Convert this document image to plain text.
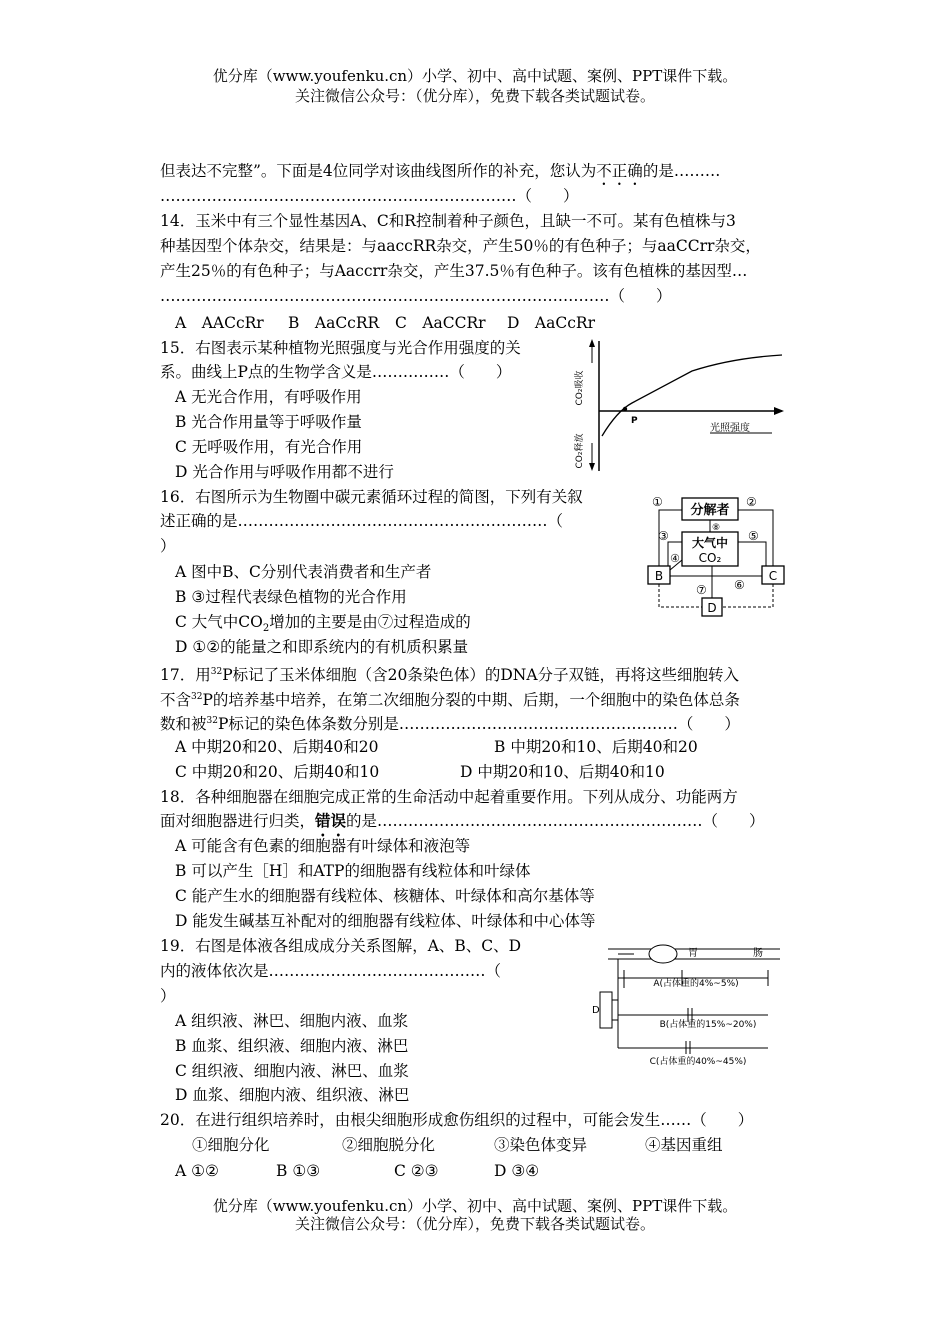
优分库（www.youfenku.cn）小学、初中、高中试题、案例、PPT课件下载。
关注微信公众号：（优分库），免费下载各类试题试卷。
但表达不完整”。下面是4位同学对该曲线图所作的补充，您认为不正确的是………
……………………………………………………………（　　）
14．玉米中有三个显性基因A、C和R控制着种子颜色，且缺一不可。某有色植株与3
种基因型个体杂交，结果是：与aaccRR杂交，产生50％的有色种子；与aaCCrr杂交，
产生25％的有色种子；与Aaccrr杂交，产生37.5％有色种子。该有色植株的基因型…
……………………………………………………………………………（　　）
A　AACcRr B　AaCcRR C　AaCCRr D　AaCcRr
15．右图表示某种植物光照强度与光合作用强度的关
系。曲线上P点的生物学含义是……………（　　）
A 无光合作用，有呼吸作用
B 光合作用量等于呼吸作量
C 无呼吸作用，有光合作用
D 光合作用与呼吸作用都不进行
CO₂吸收
CO₂释放
P
光照强度
16．右图所示为生物圈中碳元素循环过程的简图，下列有关叙
述正确的是……………………………………………………（
）
A 图中B、C分别代表消费者和生产者
B ③过程代表绿色植物的光合作用
C 大气中$CO_2$增加的主要是由⑦过程造成的
D ①②的能量之和即系统内的有机质积累量
分解者
大气中
CO₂
B	C
D
①	②
③
④
⑤
⑥
⑦
⑧
17．用$^{32}$P标记了玉米体细胞（含20条染色体）的DNA分子双链，再将这些细胞转入
不含$^{32}$P的培养基中培养，在第二次细胞分裂的中期、后期，一个细胞中的染色体总条
数和被$^{32}$P标记的染色体条数分别是………………………………………………（　　）
A 中期20和20、后期40和20	B 中期20和10、后期40和20
C 中期20和20、后期40和10	D 中期20和10、后期40和10
18．各种细胞器在细胞完成正常的生命活动中起着重要作用。下列从成分、功能两方
面对细胞器进行归类，错误的是………………………………………………………（　　）
A 可能含有色素的细胞器有叶绿体和液泡等
B 可以产生［H］和ATP的细胞器有线粒体和叶绿体
C 能产生水的细胞器有线粒体、核糖体、叶绿体和高尔基体等
D 能发生碱基互补配对的细胞器有线粒体、叶绿体和中心体等
19．右图是体液各组成成分关系图解，A、B、C、D
内的液体依次是……………………………………（
）
A 组织液、淋巴、细胞内液、血浆
B 血浆、组织液、细胞内液、淋巴
C 组织液、细胞内液、淋巴、血浆
D 血浆、细胞内液、组织液、淋巴
胃	肠
A(占体重的4%~5%)
B(占体重的15%~20%)
C(占体重的40%~45%)
D
20．在进行组织培养时，由根尖细胞形成愈伤组织的过程中，可能会发生……（　　）
①细胞分化	②细胞脱分化	③染色体变异	④基因重组
A ①②	B ①③	C ②③	D ③④
优分库（www.youfenku.cn）小学、初中、高中试题、案例、PPT课件下载。
关注微信公众号：（优分库），免费下载各类试题试卷。
